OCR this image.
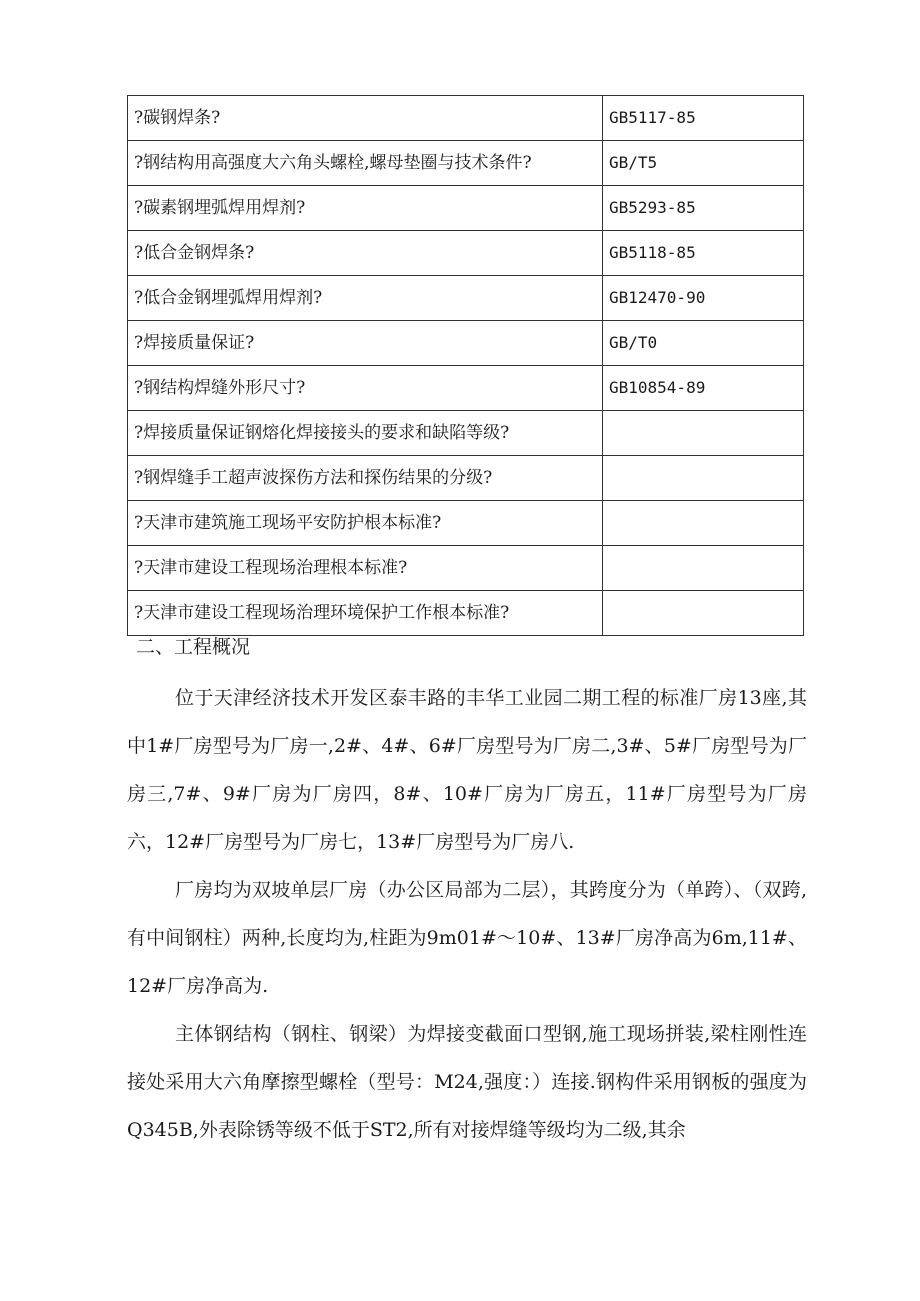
?碳钢焊条?	GB5117-85
?钢结构用高强度大六角头螺栓,螺母垫圈与技术条件?	GB/T5
?碳素钢埋弧焊用焊剂?	GB5293-85
?低合金钢焊条?	GB5118-85
?低合金钢埋弧焊用焊剂?	GB12470-90
?焊接质量保证?	GB/T0
?钢结构焊缝外形尺寸?	GB10854-89
?焊接质量保证钢熔化焊接接头的要求和缺陷等级?	
?钢焊缝手工超声波探伤方法和探伤结果的分级?	
?天津市建筑施工现场平安防护根本标准?	
?天津市建设工程现场治理根本标准?	
?天津市建设工程现场治理环境保护工作根本标准?	
二、工程概况

位于天津经济技术开发区泰丰路的丰华工业园二期工程的标准厂房13座,其中1#厂房型号为厂房一,2#、4#、6#厂房型号为厂房二,3#、5#厂房型号为厂房三,7#、9#厂房为厂房四，8#、10#厂房为厂房五，11#厂房型号为厂房六，12#厂房型号为厂房七，13#厂房型号为厂房八.

厂房均为双坡单层厂房（办公区局部为二层），其跨度分为（单跨）、（双跨,有中间钢柱）两种,长度均为,柱距为9m01#～10#、13#厂房净高为6m,11#、12#厂房净高为.

主体钢结构（钢柱、钢梁）为焊接变截面口型钢,施工现场拼装,梁柱刚性连接处采用大六角摩擦型螺栓（型号：M24,强度：）连接.钢构件采用钢板的强度为Q345B,外表除锈等级不低于ST2,所有对接焊缝等级均为二级,其余
